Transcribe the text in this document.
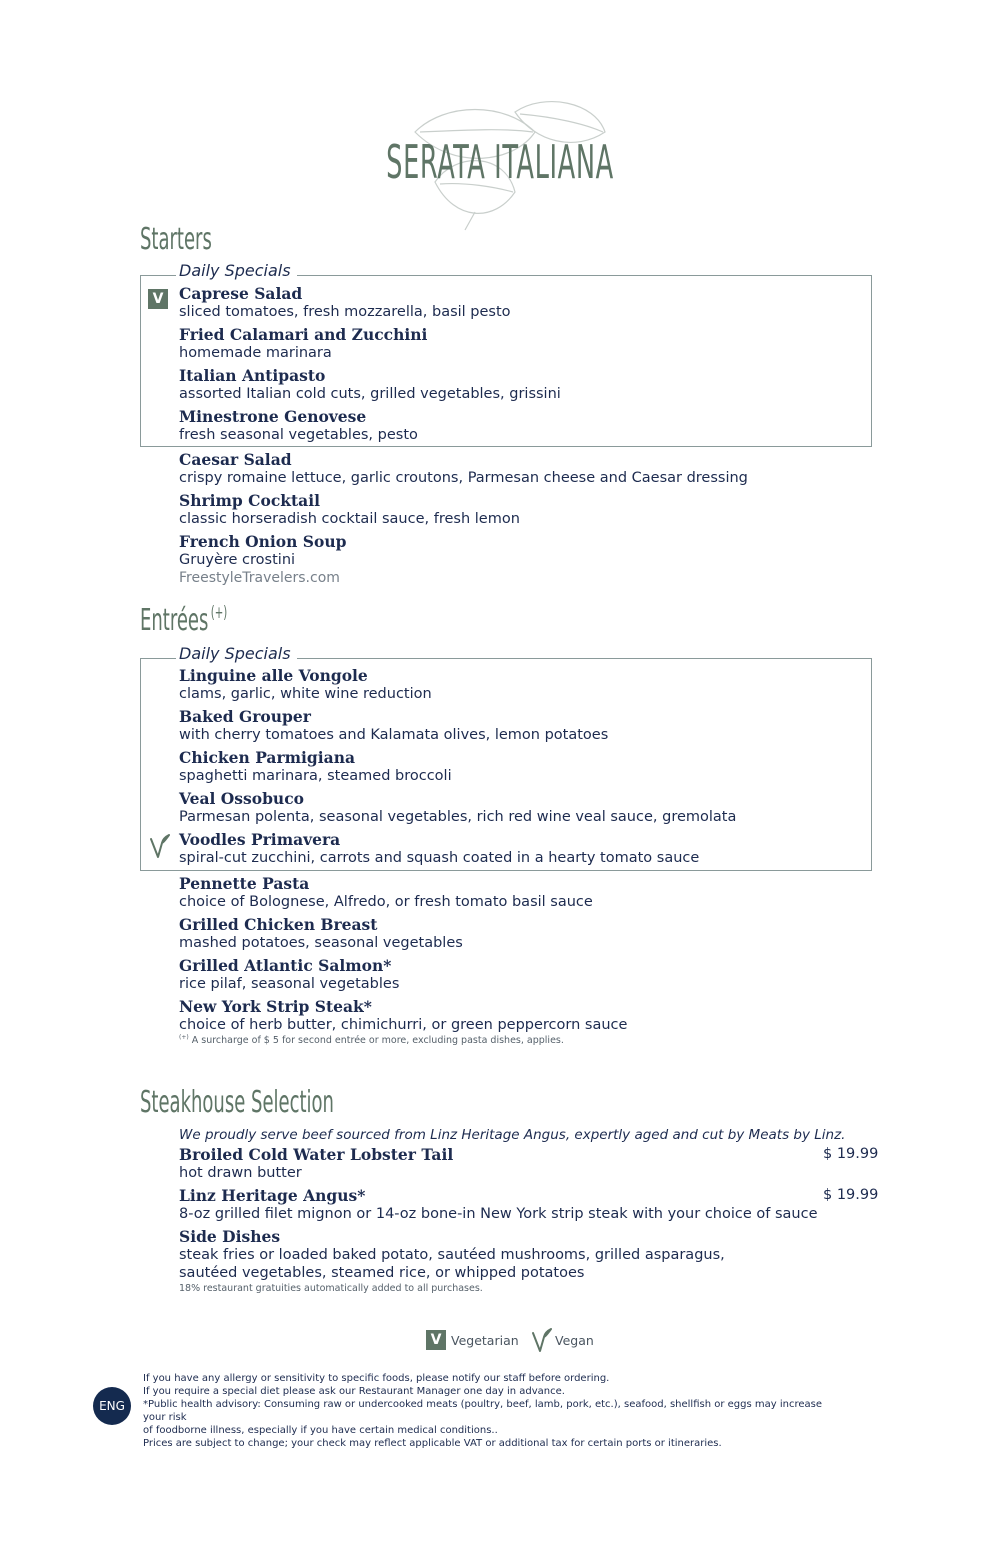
SERATA ITALIANA
Starters
Daily Specials
V Caprese Salad
sliced tomatoes, fresh mozzarella, basil pesto
Fried Calamari and Zucchini
homemade marinara
Italian Antipasto
assorted Italian cold cuts, grilled vegetables, grissini
Minestrone Genovese
fresh seasonal vegetables, pesto
Caesar Salad
crispy romaine lettuce, garlic croutons, Parmesan cheese and Caesar dressing
Shrimp Cocktail
classic horseradish cocktail sauce, fresh lemon
French Onion Soup
Gruyère crostini
FreestyleTravelers.com
Entrées (+)
Daily Specials
Linguine alle Vongole
clams, garlic, white wine reduction
Baked Grouper
with cherry tomatoes and Kalamata olives, lemon potatoes
Chicken Parmigiana
spaghetti marinara, steamed broccoli
Veal Ossobuco
Parmesan polenta, seasonal vegetables, rich red wine veal sauce, gremolata
Voodles Primavera
spiral-cut zucchini, carrots and squash coated in a hearty tomato sauce
Pennette Pasta
choice of Bolognese, Alfredo, or fresh tomato basil sauce
Grilled Chicken Breast
mashed potatoes, seasonal vegetables
Grilled Atlantic Salmon*
rice pilaf, seasonal vegetables
New York Strip Steak*
choice of herb butter, chimichurri, or green peppercorn sauce
(+) A surcharge of $ 5 for second entrée or more, excluding pasta dishes, applies.
Steakhouse Selection
We proudly serve beef sourced from Linz Heritage Angus, expertly aged and cut by Meats by Linz.
Broiled Cold Water Lobster Tail
hot drawn butter
$ 19.99
Linz Heritage Angus*
8-oz grilled filet mignon or 14-oz bone-in New York strip steak with your choice of sauce
$ 19.99
Side Dishes
steak fries or loaded baked potato, sautéed mushrooms, grilled asparagus,
sautéed vegetables, steamed rice, or whipped potatoes
18% restaurant gratuities automatically added to all purchases.
V Vegetarian	Vegan
ENG

If you have any allergy or sensitivity to specific foods, please notify our staff before ordering.

If you require a special diet please ask our Restaurant Manager one day in advance.

*Public health advisory: Consuming raw or undercooked meats (poultry, beef, lamb, pork, etc.), seafood, shellfish or eggs may increase your risk

of foodborne illness, especially if you have certain medical conditions..

Prices are subject to change; your check may reflect applicable VAT or additional tax for certain ports or itineraries.
